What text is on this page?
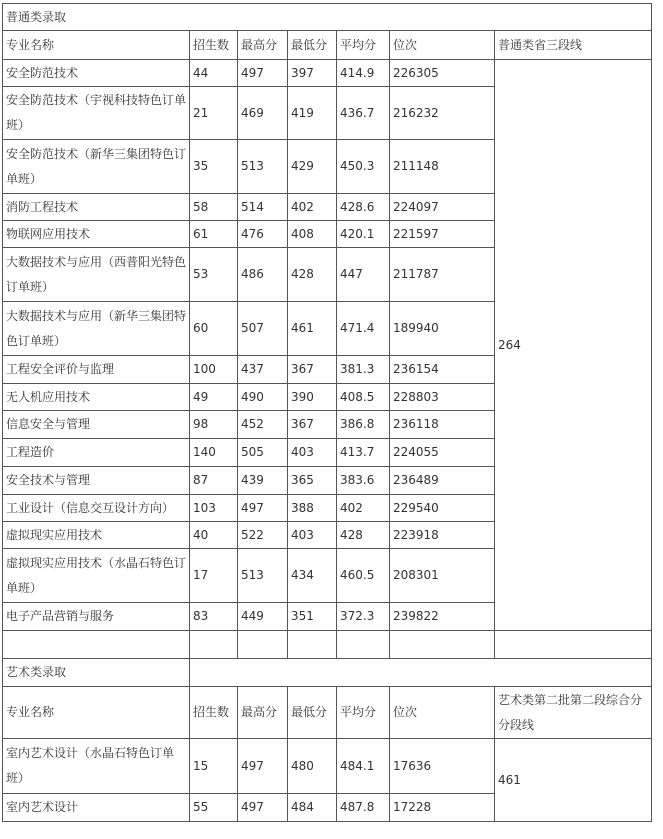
普通类录取						
专业名称	招生数	最高分	最低分	平均分	位次	普通类省三段线
安全防范技术	44	497	397	414.9	226305	264
安全防范技术（宇视科技特色订单班）	21	469	419	436.7	216232	
安全防范技术（新华三集团特色订单班）	35	513	429	450.3	211148	
消防工程技术	58	514	402	428.6	224097	
物联网应用技术	61	476	408	420.1	221597	
大数据技术与应用（西普阳光特色订单班）	53	486	428	447	211787	
大数据技术与应用（新华三集团特色订单班）	60	507	461	471.4	189940	
工程安全评价与监理	100	437	367	381.3	236154	
无人机应用技术	49	490	390	408.5	228803	
信息安全与管理	98	452	367	386.8	236118	
工程造价	140	505	403	413.7	224055	
安全技术与管理	87	439	365	383.6	236489	
工业设计（信息交互设计方向）	103	497	388	402	229540	
虚拟现实应用技术	40	522	403	428	223918	
虚拟现实应用技术（水晶石特色订单班）	17	513	434	460.5	208301	
电子产品营销与服务	83	449	351	372.3	239822	

艺术类录取						
专业名称	招生数	最高分	最低分	平均分	位次	艺术类第二批第二段综合分分段线
室内艺术设计（水晶石特色订单班）	15	497	480	484.1	17636	461
室内艺术设计	55	497	484	487.8	17228	
